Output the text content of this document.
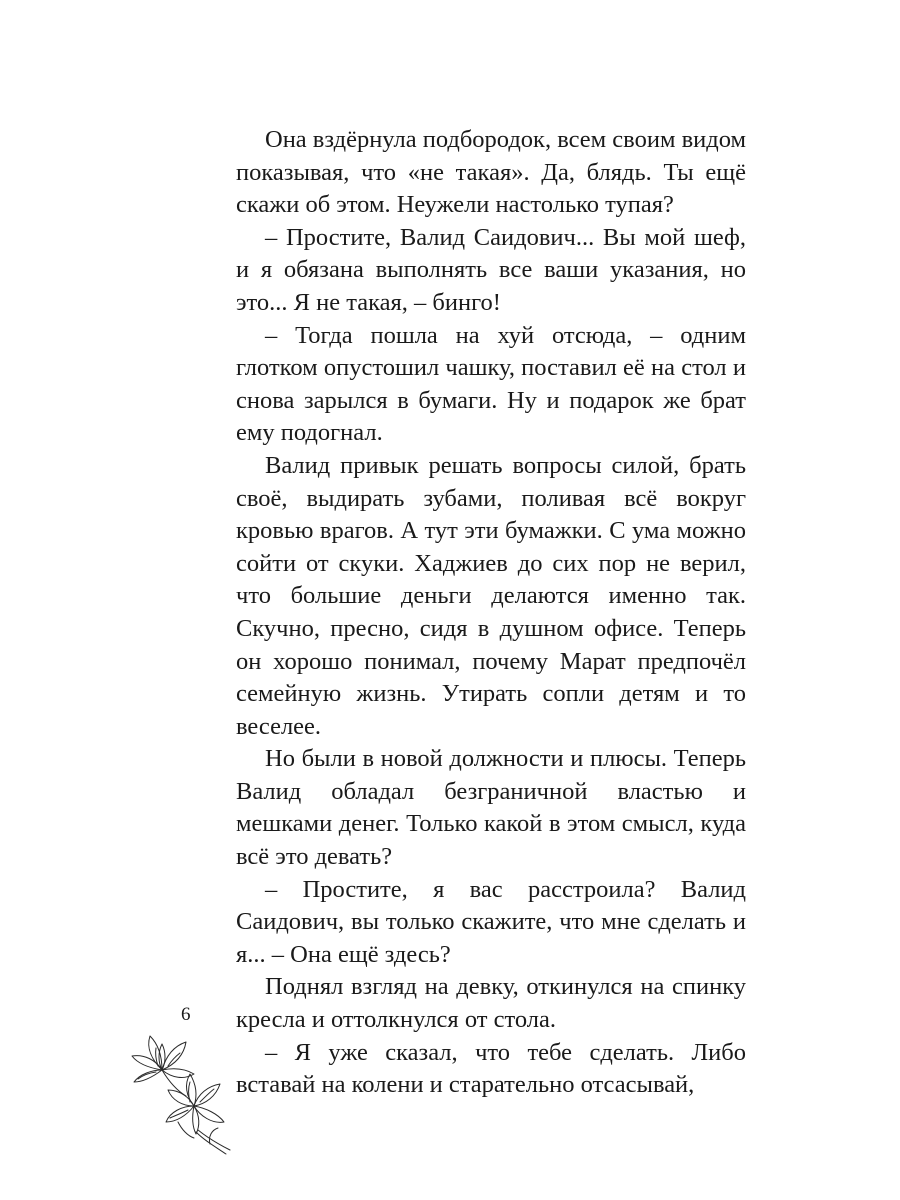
Она вздёрнула подбородок, всем своим видом показывая, что «не такая». Да, блядь. Ты ещё скажи об этом. Неужели настолько тупая?

– Простите, Валид Саидович... Вы мой шеф, и я обязана выполнять все ваши указания, но это... Я не такая, – бинго!

– Тогда пошла на хуй отсюда, – одним глотком опустошил чашку, поставил её на стол и снова зарылся в бумаги. Ну и подарок же брат ему подогнал.

Валид привык решать вопросы силой, брать своё, выдирать зубами, поливая всё вокруг кровью врагов. А тут эти бумажки. С ума можно сойти от скуки. Хаджиев до сих пор не верил, что большие деньги делаются именно так. Скучно, пресно, сидя в душном офисе. Теперь он хорошо понимал, почему Марат предпочёл семейную жизнь. Утирать сопли детям и то веселее.

Но были в новой должности и плюсы. Теперь Валид обладал безграничной властью и мешками денег. Только какой в этом смысл, куда всё это девать?

– Простите, я вас расстроила? Валид Саидович, вы только скажите, что мне сделать и я... – Она ещё здесь?

Поднял взгляд на девку, откинулся на спинку кресла и оттолкнулся от стола.

– Я уже сказал, что тебе сделать. Либо вставай на колени и старательно отсасывай,

6
